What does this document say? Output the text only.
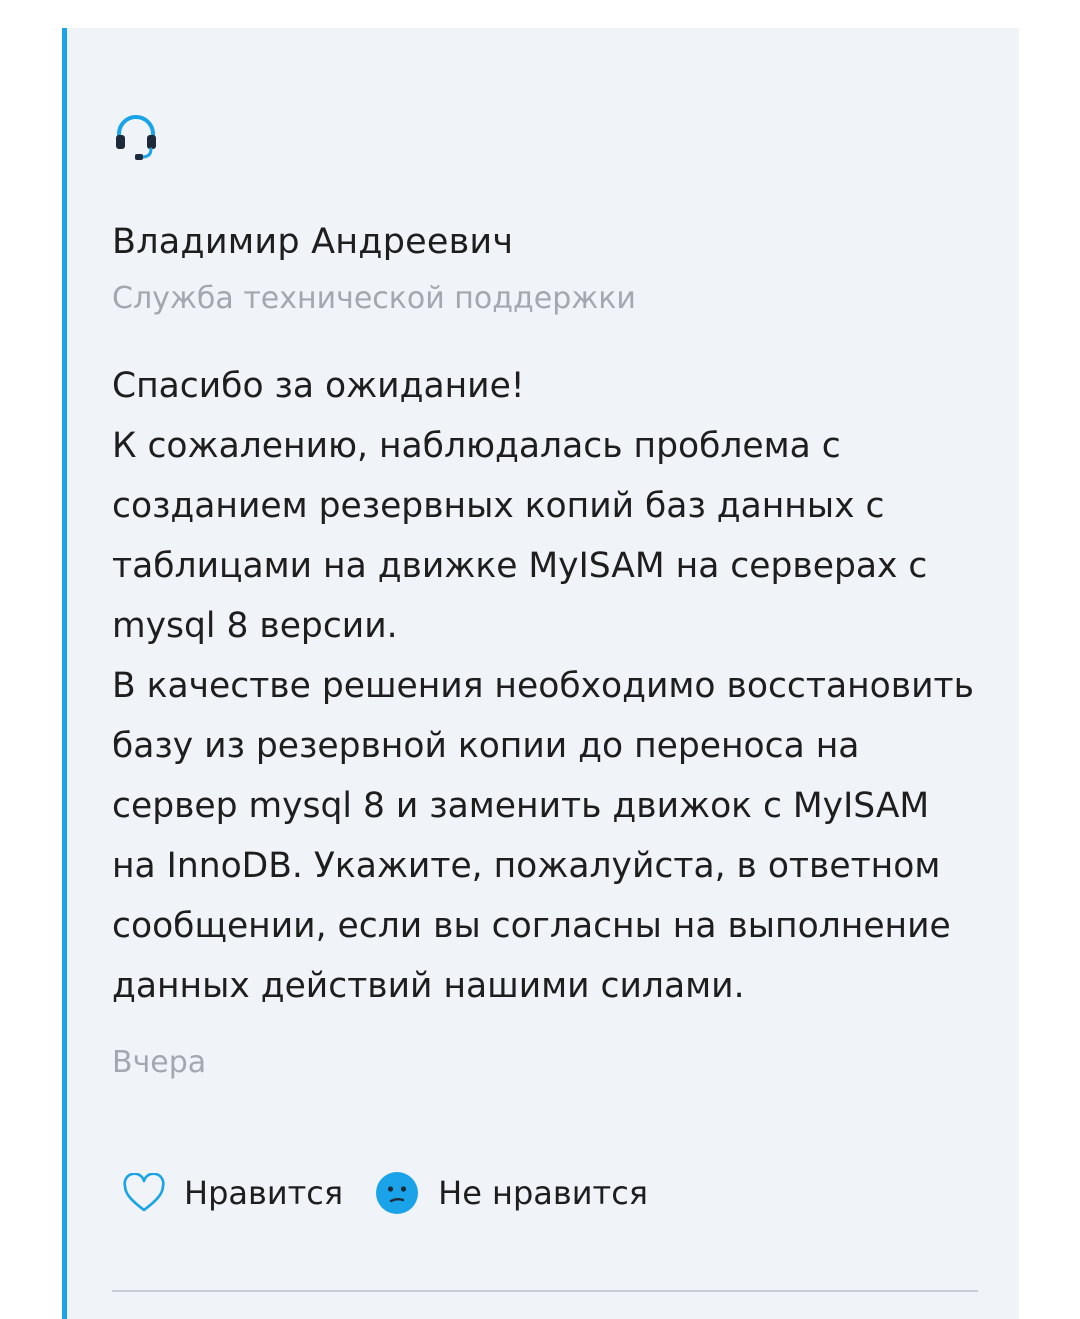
Владимир Андреевич
Служба технической поддержки
Спасибо за ожидание!
К сожалению, наблюдалась проблема с
созданием резервных копий баз данных с
таблицами на движке MyISAM на серверах с
mysql 8 версии.
В качестве решения необходимо восстановить
базу из резервной копии до переноса на
сервер mysql 8 и заменить движок с MyISAM
на InnoDB. Укажите, пожалуйста, в ответном
сообщении, если вы согласны на выполнение
данных действий нашими силами.
Вчера
Нравится	Не нравится
